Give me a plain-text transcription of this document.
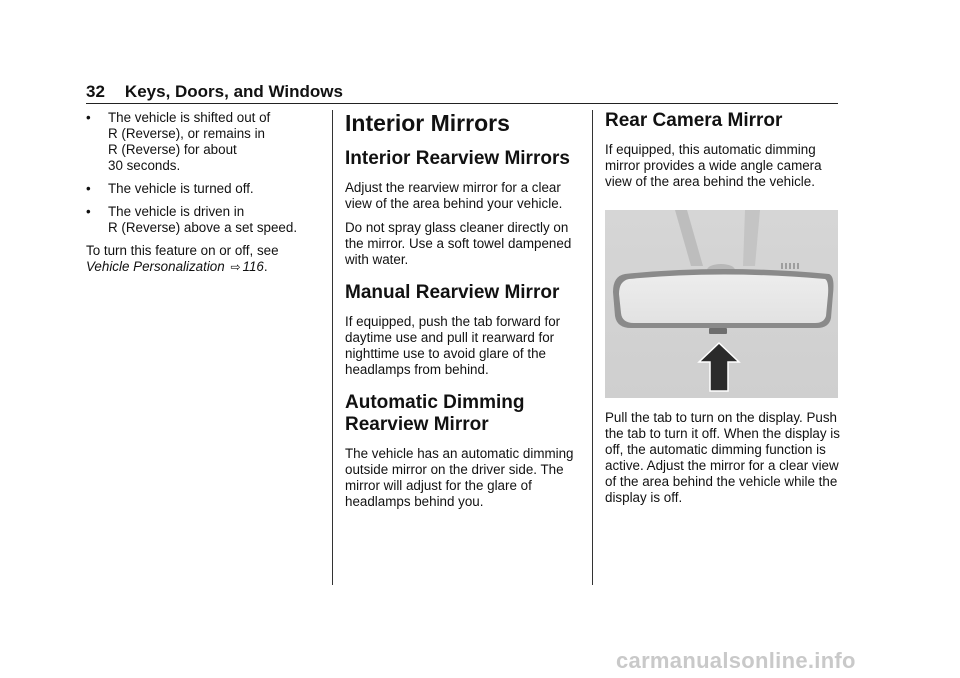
32 Keys, Doors, and Windows
• The vehicle is shifted out of
R (Reverse), or remains in
R (Reverse) for about
30 seconds.
• The vehicle is turned off.
• The vehicle is driven in
R (Reverse) above a set speed.

To turn this feature on or off, see
Vehicle Personalization ⇨ 116.

Interior Mirrors
Interior Rearview Mirrors

Adjust the rearview mirror for a clear view of the area behind your vehicle.

Do not spray glass cleaner directly on the mirror. Use a soft towel dampened with water.

Manual Rearview Mirror

If equipped, push the tab forward for daytime use and pull it rearward for nighttime use to avoid glare of the headlamps from behind.

Automatic Dimming Rearview Mirror

The vehicle has an automatic dimming outside mirror on the driver side. The mirror will adjust for the glare of headlamps behind you.

Rear Camera Mirror

If equipped, this automatic dimming mirror provides a wide angle camera view of the area behind the vehicle.

Pull the tab to turn on the display. Push the tab to turn it off. When the display is off, the automatic dimming function is active. Adjust the mirror for a clear view of the area behind the vehicle while the display is off.

carmanualsonline.info
